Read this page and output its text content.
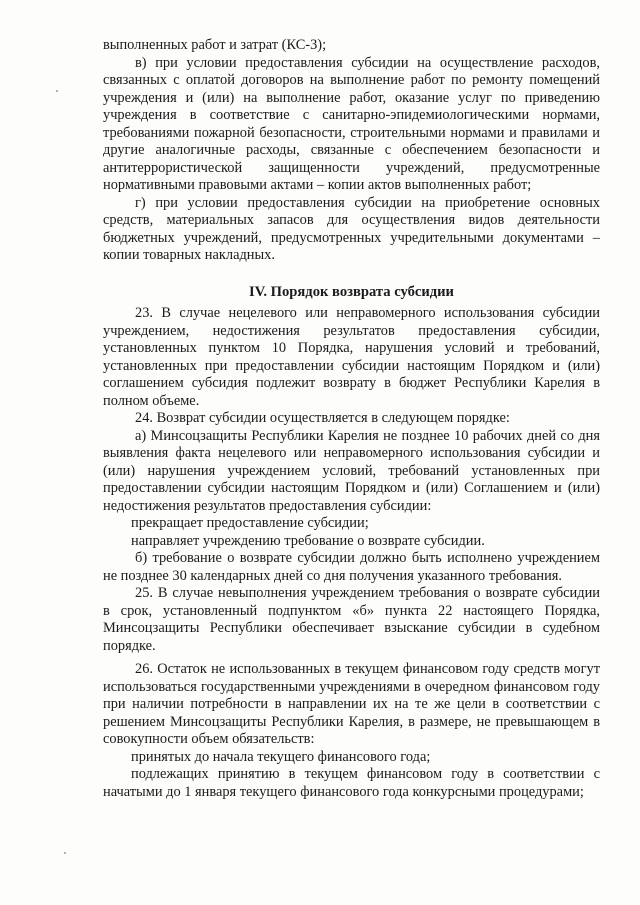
выполненных работ и затрат (КС-3);

в) при условии предоставления субсидии на осуществление расходов, связанных с оплатой договоров на выполнение работ по ремонту помещений учреждения и (или) на выполнение работ, оказание услуг по приведению учреждения в соответствие с санитарно-эпидемиологическими нормами, требованиями пожарной безопасности, строительными нормами и правилами и другие аналогичные расходы, связанные с обеспечением безопасности и антитеррористической защищенности учреждений, предусмотренные нормативными правовыми актами – копии актов выполненных работ;

г) при условии предоставления субсидии на приобретение основных средств, материальных запасов для осуществления видов деятельности бюджетных учреждений, предусмотренных учредительными документами – копии товарных накладных.

IV. Порядок возврата субсидии

23. В случае нецелевого или неправомерного использования субсидии учреждением, недостижения результатов предоставления субсидии, установленных пунктом 10 Порядка, нарушения условий и требований, установленных при предоставлении субсидии настоящим Порядком и (или) соглашением субсидия подлежит возврату в бюджет Республики Карелия в полном объеме.

24. Возврат субсидии осуществляется в следующем порядке:

а) Минсоцзащиты Республики Карелия не позднее 10 рабочих дней со дня выявления факта нецелевого или неправомерного использования субсидии и (или) нарушения учреждением условий, требований установленных при предоставлении субсидии настоящим Порядком и (или) Соглашением и (или) недостижения результатов предоставления субсидии:

прекращает предоставление субсидии;

направляет учреждению требование о возврате субсидии.

б) требование о возврате субсидии должно быть исполнено учреждением не позднее 30 календарных дней со дня получения указанного требования.

25. В случае невыполнения учреждением требования о возврате субсидии в срок, установленный подпунктом «б» пункта 22 настоящего Порядка, Минсоцзащиты Республики обеспечивает взыскание субсидии в судебном порядке.

26. Остаток не использованных в текущем финансовом году средств могут использоваться государственными учреждениями в очередном финансовом году при наличии потребности в направлении их на те же цели в соответствии с решением Минсоцзащиты Республики Карелия, в размере, не превышающем в совокупности объем обязательств:

принятых до начала текущего финансового года;

подлежащих принятию в текущем финансовом году в соответствии с начатыми до 1 января текущего финансового года конкурсными процедурами;
